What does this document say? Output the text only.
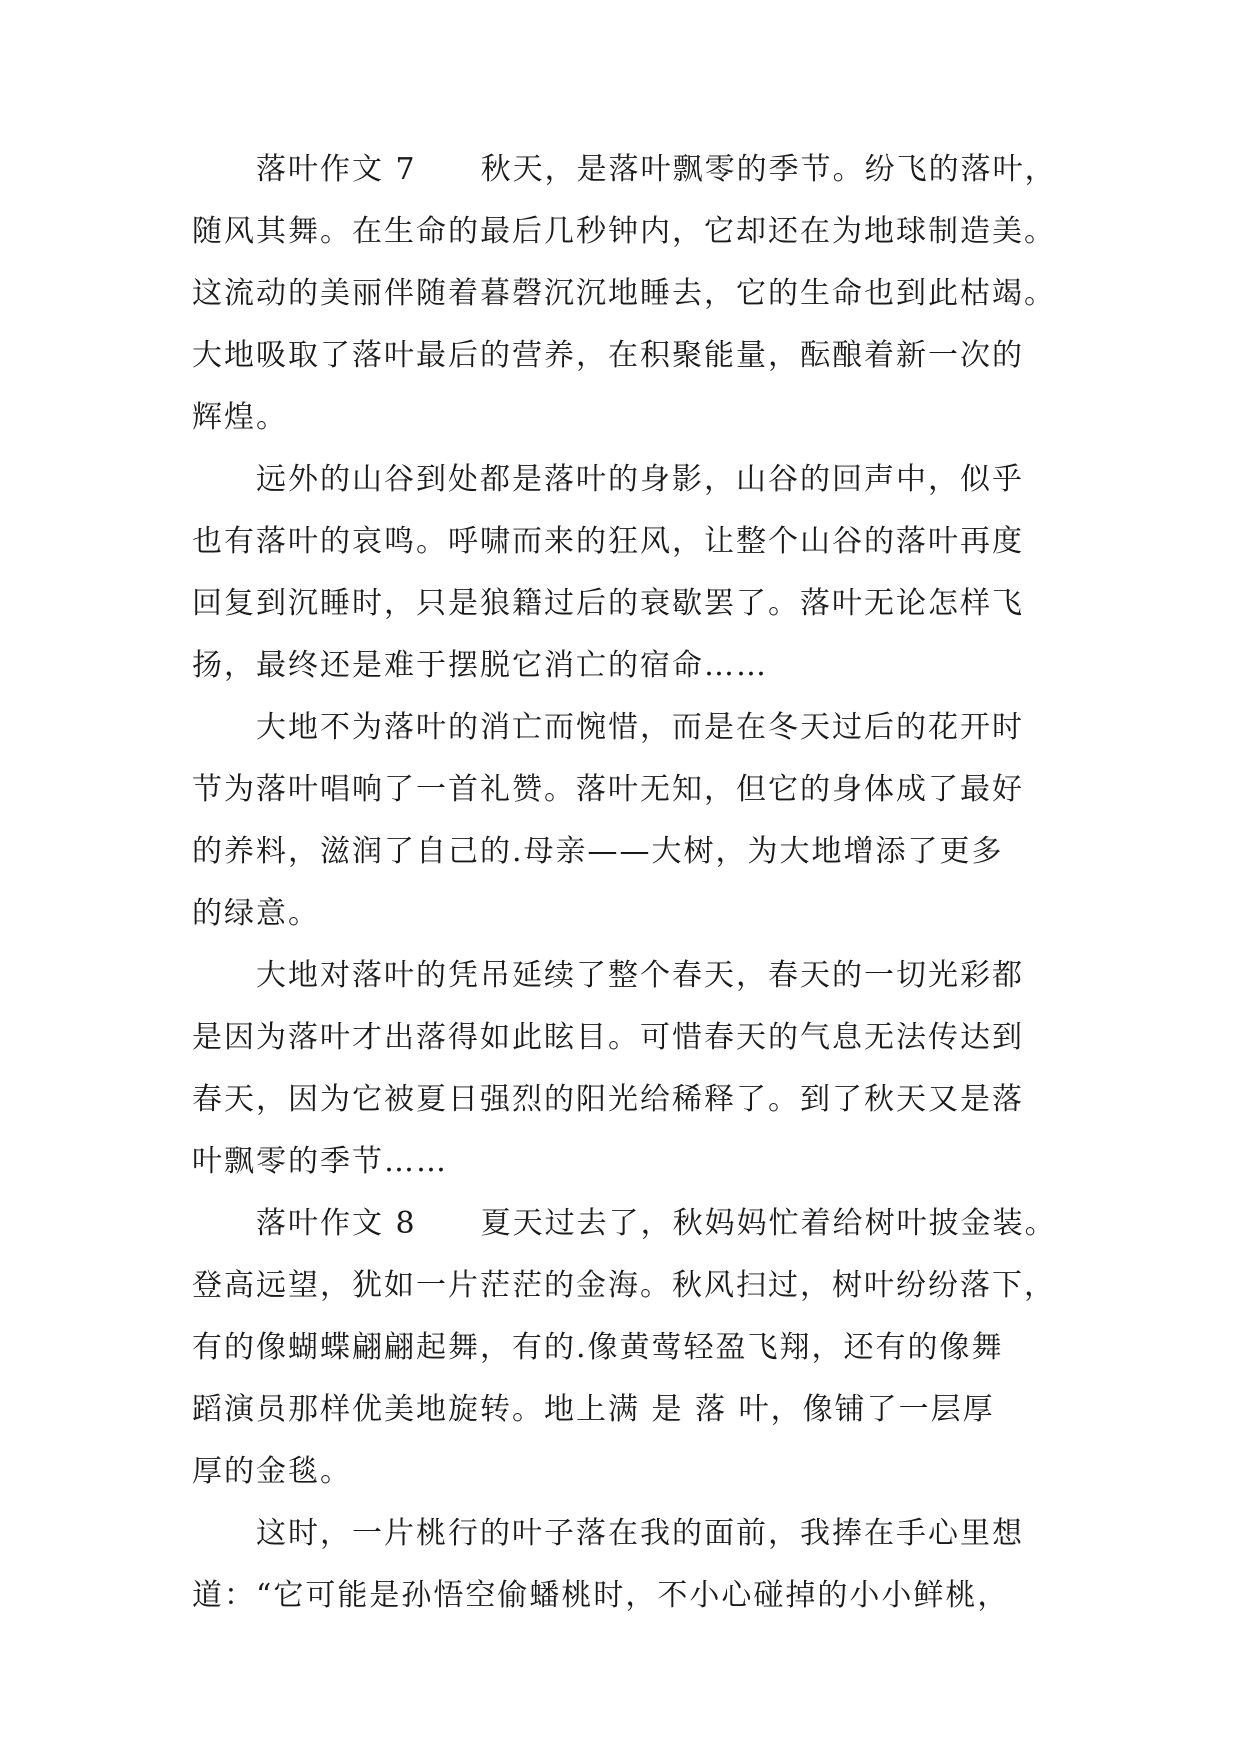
落叶作文 7　　秋天，是落叶飘零的季节。纷飞的落叶，

随风其舞。在生命的最后几秒钟内，它却还在为地球制造美。

这流动的美丽伴随着暮磬沉沉地睡去，它的生命也到此枯竭。

大地吸取了落叶最后的营养，在积聚能量，酝酿着新一次的

辉煌。

远外的山谷到处都是落叶的身影，山谷的回声中，似乎

也有落叶的哀鸣。呼啸而来的狂风，让整个山谷的落叶再度

回复到沉睡时，只是狼籍过后的衰歇罢了。落叶无论怎样飞

扬，最终还是难于摆脱它消亡的宿命……

大地不为落叶的消亡而惋惜，而是在冬天过后的花开时

节为落叶唱响了一首礼赞。落叶无知，但它的身体成了最好

的养料，滋润了自己的.母亲——大树，为大地增添了更多

的绿意。

大地对落叶的凭吊延续了整个春天，春天的一切光彩都

是因为落叶才出落得如此眩目。可惜春天的气息无法传达到

春天，因为它被夏日强烈的阳光给稀释了。到了秋天又是落

叶飘零的季节……

落叶作文 8　　夏天过去了，秋妈妈忙着给树叶披金装。

登高远望，犹如一片茫茫的金海。秋风扫过，树叶纷纷落下，

有的像蝴蝶翩翩起舞，有的.像黄莺轻盈飞翔，还有的像舞

蹈演员那样优美地旋转。地上满 是 落 叶，像铺了一层厚

厚的金毯。

这时，一片桃行的叶子落在我的面前，我捧在手心里想

道：“它可能是孙悟空偷蟠桃时，不小心碰掉的小小鲜桃，
